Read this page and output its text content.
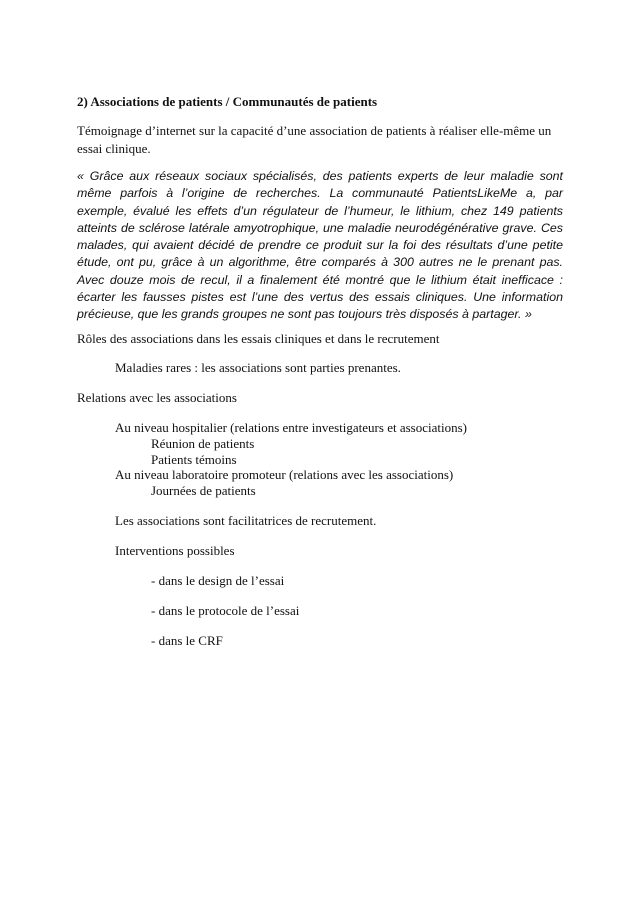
2) Associations de patients / Communautés de patients

Témoignage d’internet sur la capacité d’une association de patients à réaliser elle-même un essai clinique.

« Grâce aux réseaux sociaux spécialisés, des patients experts de leur maladie sont même parfois à l’origine de recherches. La communauté PatientsLikeMe a, par exemple, évalué les effets d’un régulateur de l’humeur, le lithium, chez 149 patients atteints de sclérose latérale amyotrophique, une maladie neurodégénérative grave. Ces malades, qui avaient décidé de prendre ce produit sur la foi des résultats d’une petite étude, ont pu, grâce à un algorithme, être comparés à 300 autres ne le prenant pas. Avec douze mois de recul, il a finalement été montré que le lithium était inefficace : écarter les fausses pistes est l’une des vertus des essais cliniques. Une information précieuse, que les grands groupes ne sont pas toujours très disposés à partager. »

Rôles des associations dans les essais cliniques et dans le recrutement

Maladies rares : les associations sont parties prenantes.

Relations avec les associations

Au niveau hospitalier (relations entre investigateurs et associations)

Réunion de patients

Patients témoins

Au niveau laboratoire promoteur (relations avec les associations)

Journées de patients

Les associations sont facilitatrices de recrutement.

Interventions possibles

- dans le design de l’essai

- dans le protocole de l’essai

- dans le CRF
